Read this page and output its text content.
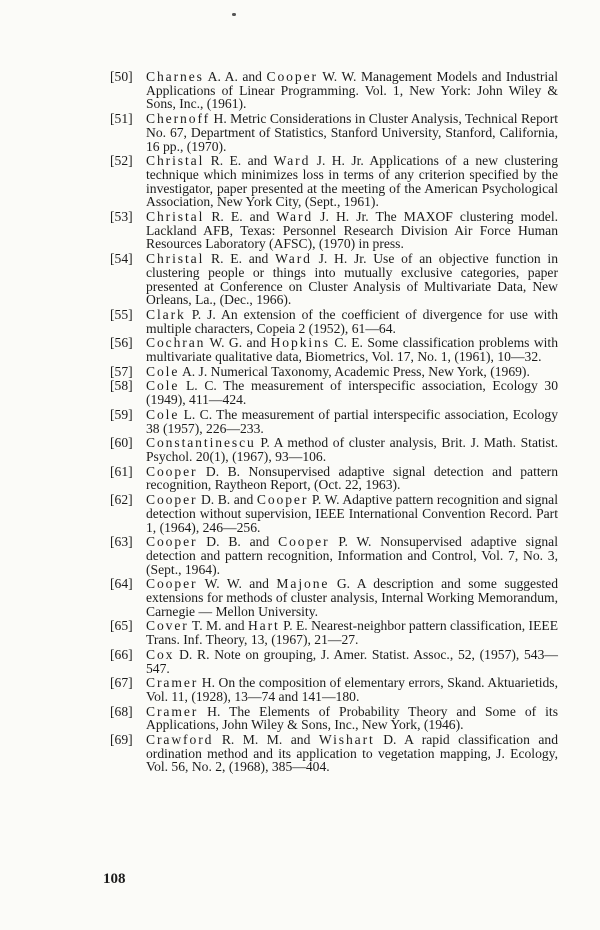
[50] Charnes A. A. and Cooper W. W. Management Models and Industrial Applications of Linear Programming. Vol. 1, New York: John Wiley & Sons, Inc., (1961).
[51] Chernoff H. Metric Considerations in Cluster Analysis, Technical Report No. 67, Department of Statistics, Stanford University, Stanford, California, 16 pp., (1970).
[52] Christal R. E. and Ward J. H. Jr. Applications of a new clustering technique which minimizes loss in terms of any criterion specified by the investigator, paper presented at the meeting of the American Psychological Association, New York City, (Sept., 1961).
[53] Christal R. E. and Ward J. H. Jr. The MAXOF clustering model. Lackland AFB, Texas: Personnel Research Division Air Force Human Resources Laboratory (AFSC), (1970) in press.
[54] Christal R. E. and Ward J. H. Jr. Use of an objective function in clustering people or things into mutually exclusive categories, paper presented at Conference on Cluster Analysis of Multivariate Data, New Orleans, La., (Dec., 1966).
[55] Clark P. J. An extension of the coefficient of divergence for use with multiple characters, Copeia 2 (1952), 61—64.
[56] Cochran W. G. and Hopkins C. E. Some classification problems with multivariate qualitative data, Biometrics, Vol. 17, No. 1, (1961), 10—32.
[57] Cole A. J. Numerical Taxonomy, Academic Press, New York, (1969).
[58] Cole L. C. The measurement of interspecific association, Ecology 30 (1949), 411—424.
[59] Cole L. C. The measurement of partial interspecific association, Ecology 38 (1957), 226—233.
[60] Constantinescu P. A method of cluster analysis, Brit. J. Math. Statist. Psychol. 20(1), (1967), 93—106.
[61] Cooper D. B. Nonsupervised adaptive signal detection and pattern recognition, Raytheon Report, (Oct. 22, 1963).
[62] Cooper D. B. and Cooper P. W. Adaptive pattern recognition and signal detection without supervision, IEEE International Convention Record. Part 1, (1964), 246—256.
[63] Cooper D. B. and Cooper P. W. Nonsupervised adaptive signal detection and pattern recognition, Information and Control, Vol. 7, No. 3, (Sept., 1964).
[64] Cooper W. W. and Majone G. A description and some suggested extensions for methods of cluster analysis, Internal Working Memorandum, Carnegie — Mellon University.
[65] Cover T. M. and Hart P. E. Nearest-neighbor pattern classification, IEEE Trans. Inf. Theory, 13, (1967), 21—27.
[66] Cox D. R. Note on grouping, J. Amer. Statist. Assoc., 52, (1957), 543—547.
[67] Cramer H. On the composition of elementary errors, Skand. Aktuarietids, Vol. 11, (1928), 13—74 and 141—180.
[68] Cramer H. The Elements of Probability Theory and Some of its Applications, John Wiley & Sons, Inc., New York, (1946).
[69] Crawford R. M. M. and Wishart D. A rapid classification and ordination method and its application to vegetation mapping, J. Ecology, Vol. 56, No. 2, (1968), 385—404.
108
